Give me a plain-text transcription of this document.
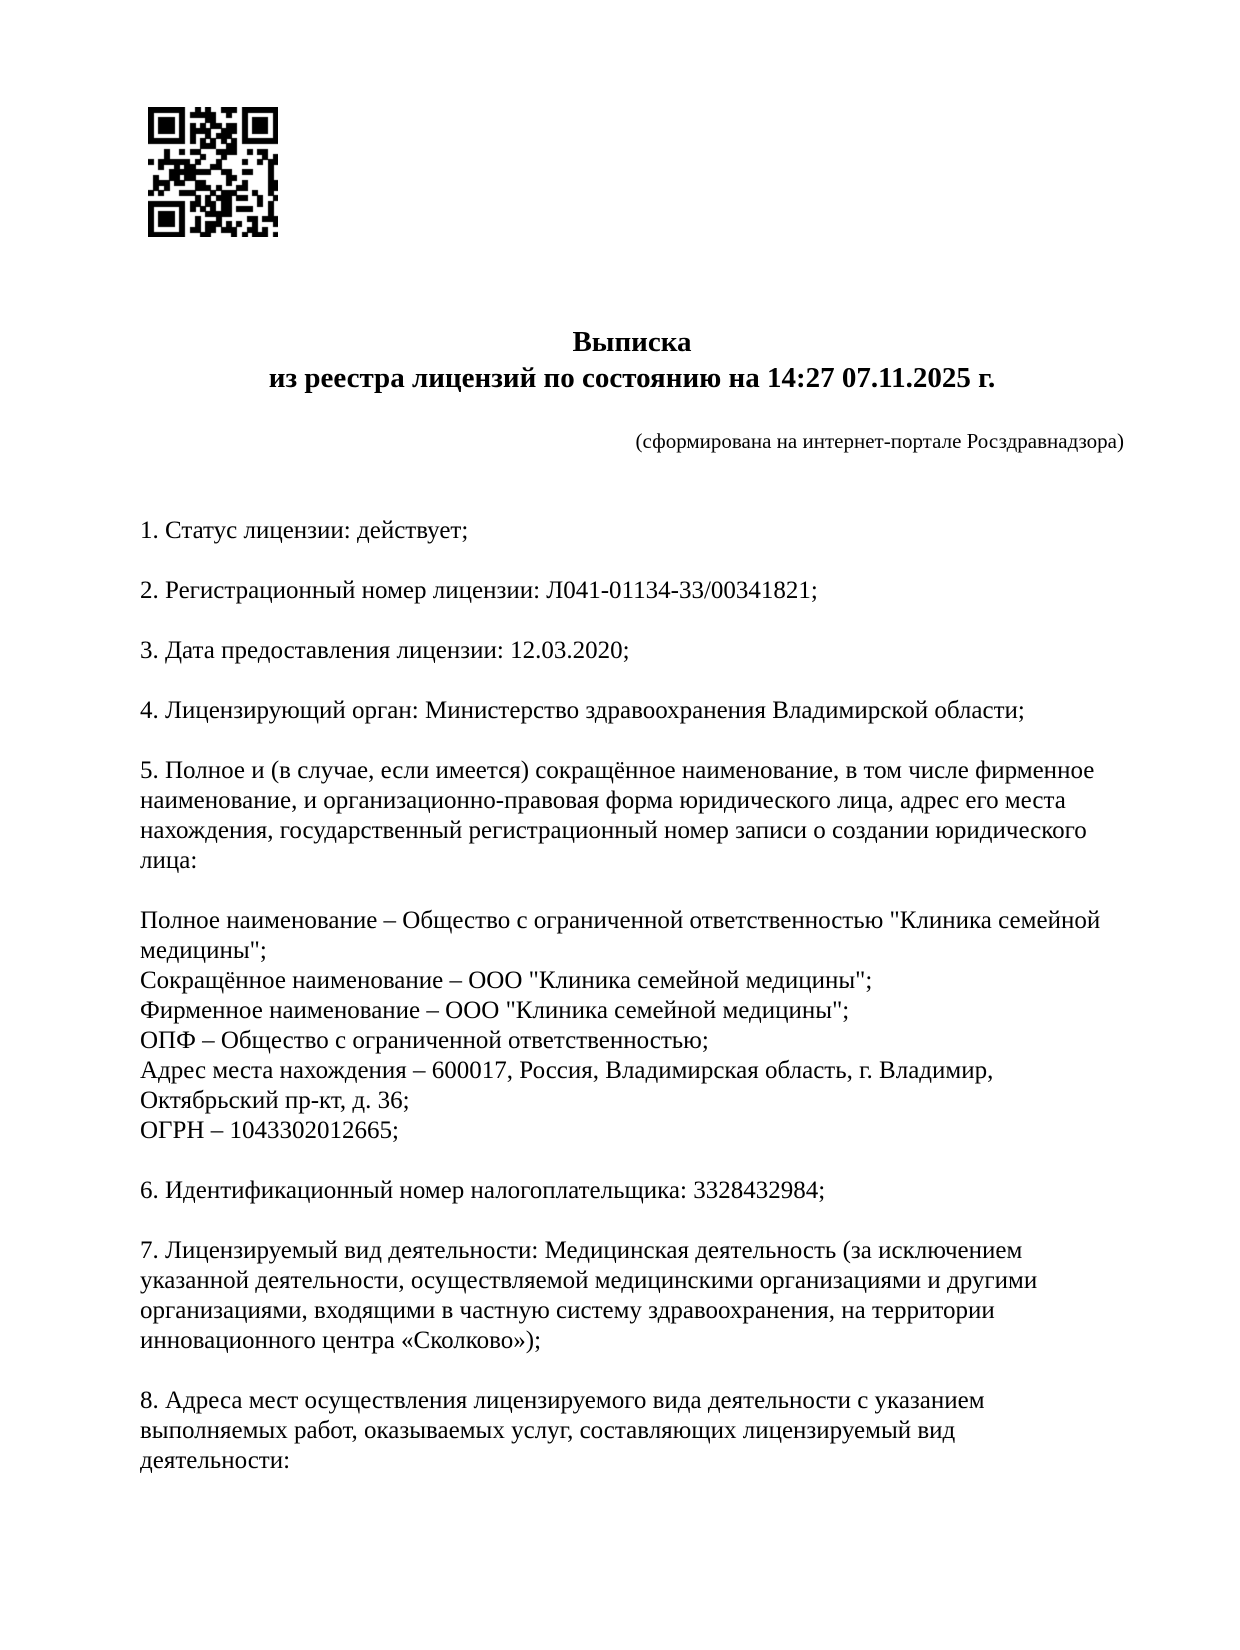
Выписка
из реестра лицензий по состоянию на 14:27 07.11.2025 г.
(сформирована на интернет-портале Росздравнадзора)

1. Статус лицензии: действует;

2. Регистрационный номер лицензии: Л041-01134-33/00341821;

3. Дата предоставления лицензии: 12.03.2020;

4. Лицензирующий орган: Министерство здравоохранения Владимирской области;

5. Полное и (в случае, если имеется) сокращённое наименование, в том числе фирменное наименование, и организационно-правовая форма юридического лица, адрес его места нахождения, государственный регистрационный номер записи о создании юридического лица:

Полное наименование – Общество с ограниченной ответственностью "Клиника семейной медицины";
Сокращённое наименование – ООО "Клиника семейной медицины";
Фирменное наименование – ООО "Клиника семейной медицины";
ОПФ – Общество с ограниченной ответственностью;
Адрес места нахождения – 600017, Россия, Владимирская область, г. Владимир, Октябрьский пр-кт, д. 36;
ОГРН – 1043302012665;

6. Идентификационный номер налогоплательщика: 3328432984;

7. Лицензируемый вид деятельности: Медицинская деятельность (за исключением указанной деятельности, осуществляемой медицинскими организациями и другими организациями, входящими в частную систему здравоохранения, на территории инновационного центра «Сколково»);

8. Адреса мест осуществления лицензируемого вида деятельности с указанием выполняемых работ, оказываемых услуг, составляющих лицензируемый вид деятельности:
